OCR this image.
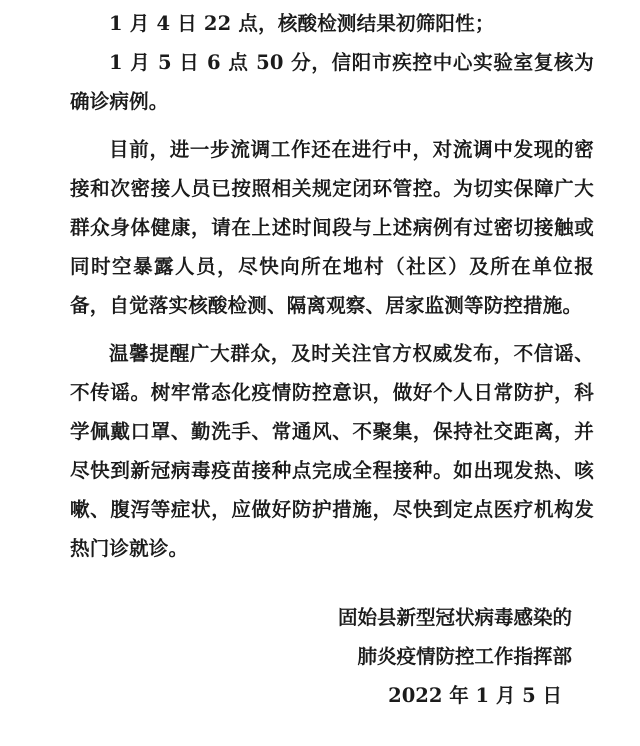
1 月 4 日 22 点，核酸检测结果初筛阳性；

1 月 5 日 6 点 50 分，信阳市疾控中心实验室复核为确诊病例。

目前，进一步流调工作还在进行中，对流调中发现的密接和次密接人员已按照相关规定闭环管控。为切实保障广大群众身体健康，请在上述时间段与上述病例有过密切接触或同时空暴露人员，尽快向所在地村（社区）及所在单位报备，自觉落实核酸检测、隔离观察、居家监测等防控措施。

温馨提醒广大群众，及时关注官方权威发布，不信谣、不传谣。树牢常态化疫情防控意识，做好个人日常防护，科学佩戴口罩、勤洗手、常通风、不聚集，保持社交距离，并尽快到新冠病毒疫苗接种点完成全程接种。如出现发热、咳嗽、腹泻等症状，应做好防护措施，尽快到定点医疗机构发热门诊就诊。

固始县新型冠状病毒感染的
肺炎疫情防控工作指挥部
2022 年 1 月 5 日
